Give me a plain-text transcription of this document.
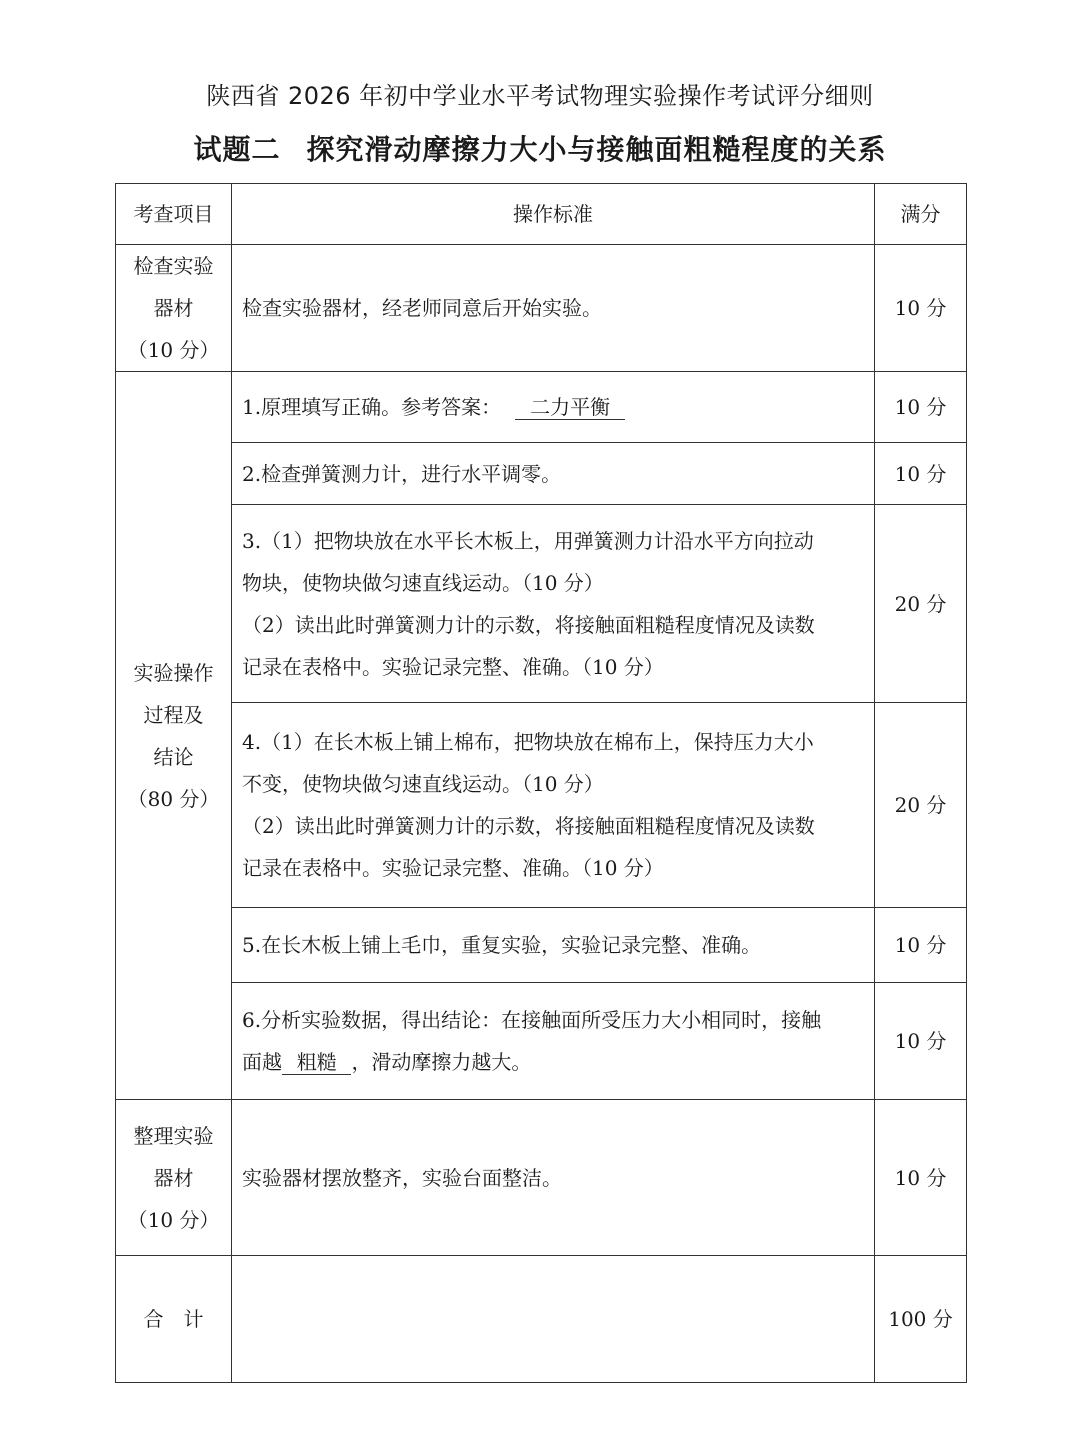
陕西省 2026 年初中学业水平考试物理实验操作考试评分细则
试题二 探究滑动摩擦力大小与接触面粗糙程度的关系
考查项目	操作标准	满分

检查实验
器材
（10 分）	检查实验器材，经老师同意后开始实验。	10 分

实验操作
过程及
结论
（80 分）	1.原理填写正确。参考答案： 二力平衡	10 分
	2.检查弹簧测力计，进行水平调零。	10 分

	3.（1）把物块放在水平长木板上，用弹簧测力计沿水平方向拉动
物块，使物块做匀速直线运动。（10 分）
（2）读出此时弹簧测力计的示数，将接触面粗糙程度情况及读数
记录在表格中。实验记录完整、准确。（10 分）	20 分

	4.（1）在长木板上铺上棉布，把物块放在棉布上，保持压力大小
不变，使物块做匀速直线运动。（10 分）
（2）读出此时弹簧测力计的示数，将接触面粗糙程度情况及读数
记录在表格中。实验记录完整、准确。（10 分）	20 分
	5.在长木板上铺上毛巾，重复实验，实验记录完整、准确。	10 分

	6.分析实验数据，得出结论：在接触面所受压力大小相同时，接触
面越 粗糙 ，滑动摩擦力越大。	10 分

整理实验
器材
（10 分）	实验器材摆放整齐，实验台面整洁。	10 分
合　计		100 分
